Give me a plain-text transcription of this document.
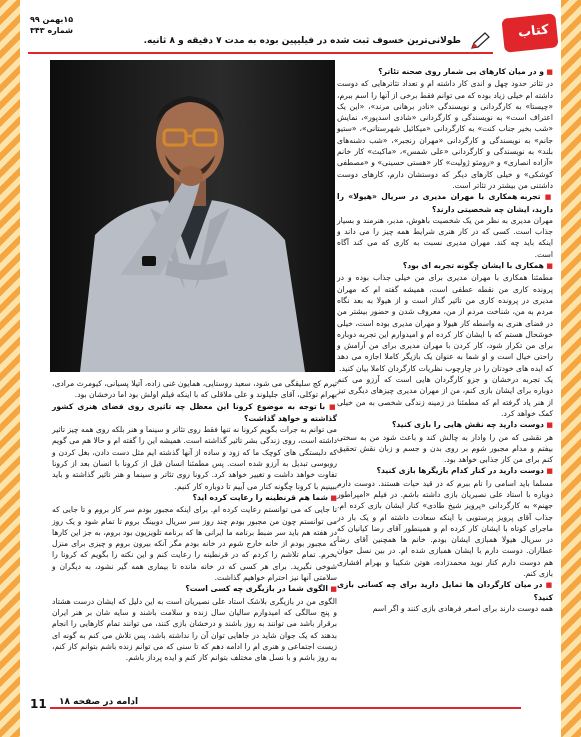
۱۵بهمن ۹۹
شماره ۳۴۳
طولانی‌ترین خسوف ثبت شده در فیلیپین بوده به مدت ۷ دقیقه و ۸ ثانیه.
کتاب

■ و در میان کارهای بی شمار روی صحنه تئاتر؟

در تئاتر حدود چهل و اندی کار داشته ام و تعداد تئاترهایی که دوست داشته ام خیلی زیاد بوده که می توانم فقط برخی از آنها را اسم ببرم، «چیستا» به کارگردانی و نویسندگی «نادر برهانی مرند»، «این یک اعتراف است» به نویسندگی و کارگردانی «شادی اسدپور»، نمایش «شب بخیر جناب کنت» به کارگردانی «میکائیل شهرستانی»، «ستیو جانم» به نویسندگی و کارگردانی «مهران رنجبر»، «شب دشنه‌های بلند» به نویسندگی و کارگردانی «علی شمس»، «ماکبث» کار خانم «آزاده انصاری» و «رومئو ژولیت» کار «هستی حسینی» و «مصطفی کوشکی» و خیلی کارهای دیگر که دوستشان دارم، کارهای دوست داشتنی من بیشتر در تئاتر است.

■ تجربه همکاری با مهران مدیری در سریال «هیولا» را دارید، ایشان چه شخصیتی دارند؟

مهران مدیری به نظر من یک شخصیت باهوش، مدبر، هنرمند و بسیار جذاب است. کسی که در کار هنری شرایط همه چیز را می داند و اینکه باید چه کند. مهران مدیری نسبت به کاری که می کند آگاه است.

■ همکاری با ایشان چگونه تجربه ای بود؟

مطمئنا همکاری با مهران مدیری برای من خیلی جذاب بوده و در پرونده کاری من نقطه عطفی است، همیشه گفته ام که مهران مدیری در پرونده کاری من تاثیر گذار است و از هیولا به بعد نگاه مردم به من، شناخت مردم از من، معروف شدن و حضور بیشتر من در فضای هنری به واسطه کار هیولا و مهران مدیری بوده است، خیلی خوشحال هستم که با ایشان کار کرده ام و امیدوارم این تجربه دوباره برای من تکرار شود، کار کردن با مهران مدیری برای من آرامش و راحتی خیال است و او شما به عنوان یک بازیگر کاملا اجازه می دهد که ایده های خودتان را در چارچوب نظریات کارگردان کاملا بیان کنید.

یک تجربه درخشان و جزو کارگردان هایی است که آرزو می کنم دوباره برای ایشان بازی کنم، من از مهران مدیری چیزهای دیگری تیز از هنر یاد گرفته ام که مطمئنا در زمینه زندگی شخصی به من خیلی کمک خواهد کرد.

■ دوست دارید چه نقش هایی را بازی کنید؟

هر نقشی که من را وادار به چالش کند و باعث شود من به سختی بیفتم و مدام مجبور شوم بر روی بدن و جسم و زبان نقش تحقیق کنم برای من کار جذابی خواهد بود.

■ دوست دارید در کنار کدام بازیگرها بازی کنید؟

مسلما باید اسامی را نام ببرم که در قید حیات هستند. دوست دارم دوباره با استاد علی نصیریان بازی داشته باشم. در فیلم «امپراطور جهنم» به کارگردانی «پرویز شیخ طادی» کنار ایشان بازی کرده ام. جذاب آقای پرویز پرستویی با اینکه سعادت داشته ام و یک بار در ماجرای کوتاه با ایشان کار کرده ام و همینطور آقای رضا کیانیان که در سریال هیولا همبازی ایشان بودم. خانم ها همچنین آقای رضا عطاران. دوست دارم با ایشان همبازی شده ام. در بین نسل جوان هم دوست دارم کنار نوید محمدزاده، هوتن شکیبا و بهرام افشاری بازی کنم.

■ در میان کارگردان ها تمایل دارید برای چه کسانی بازی کنید؟

همه دوست دارند برای اصغر فرهادی بازی کنند و اگر اسم

تیرم کج سلیقگی می شود، سعید روستایی، همایون غنی زاده، آتیلا پسیانی، کیومرث مرادی، بهرام توکلی، آقای جلیلوند و علی ملاقلی که با اینکه فیلم اولش بود اما درخشان بود.

■ با توجه به موضوع کرونا این معظل چه تاثیری روی فضای هنری کشور گذاشته و خواهد گذاشت؟

می توانم به جرات بگویم کرونا نه تنها فقط روی تئاتر و سینما و هنر بلکه روی همه چیز تاثیر داشته است، روی زندگی بشر تاثیر گذاشته است. همیشه این را گفته ام و حالا هم می گویم که دلبستگی های کوچک ما که زود و ساده از آنها گذشته ایم مثل دست دادن، بغل کردن و روبوسی تبدیل به آرزو شده است. پس مطمئنا انسان قبل از کرونا با انسان بعد از کرونا تفاوت خواهد داشت و تغییر خواهد کرد. کرونا روی تئاتر و سینما و هنر تاثیر گذاشته و باید ببینیم با کرونا چگونه کنار می آییم تا دوباره کار کنیم.

■ شما هم قرنطینه را رعایت کرده اید؟

تا جایی که می توانستم رعایت کرده ام. برای اینکه مجبور بودم سر کار بروم و تا جایی که می توانستم چون من مجبور بودم چند روز سر سریال دوبینگ بروم تا تمام شود و یک روز در هفته هم باید سر ضبط برنامه ما ایرانی ها که برنامه تلویزیون بود بروم، به جز این کارها که مجبور بودم از خانه خارج شوم در خانه بودم مگر آنکه بیرون بروم و چیزی برای منزل بخرم. تمام تلاشم را کردم که در قرنطینه را رعایت کنم و این نکته را بگویم که کرونا را شوخی نگیرید. برای هر کسی که در خانه مانده تا بیماری همه گیر نشود، به دیگران و سلامتی آنها نیز احترام خواهیم گذاشت.

■ الگوی شما در بازیگری چه کسی است؟

الگوی من در بازیگری بلاشک استاد علی نصیریان است به این دلیل که ایشان درست هشتاد و پنج سالگی که امیدوارم سالیان سال زنده و سلامت باشند و سایه شان بر هنر ایران برقرار باشد می توانند به روز باشند و درخشان بازی کنند، می توانند تمام کارهایی را انجام بدهند که یک جوان شاید در جاهایی توان آن را نداشته باشد، پس تلاش می کنم به گونه ای زیست اجتماعی و هنری ام را ادامه دهم که تا سنی که می توانم زنده باشم بتوانم کار کنم، به روز باشم و با نسل های مختلف بتوانم کار کنم و ایده پرداز باشم.

ادامه در صفحه ۱۸
11
